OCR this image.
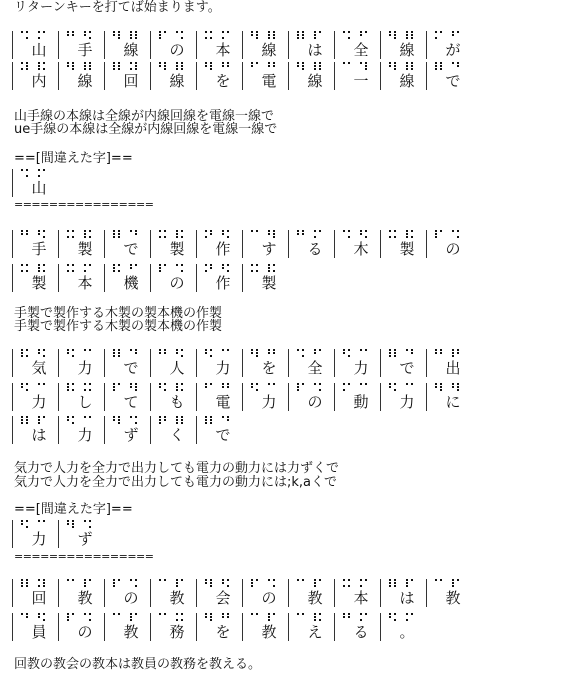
リターンキーを打てば始まります。
山	手	線	の	本	線	は	全	線	が
内	線	回	線	を	電	線	一	線	で
山手線の本線は全線が内線回線を電線一線で
ue手線の本線は全線が内線回線を電線一線で
==[間違えた字]==
山
================
手	製	で	製	作	す	る	木	製	の
製	本	機	の	作	製
手製で製作する木製の製本機の作製
手製で製作する木製の製本機の作製
気	力	で	人	力	を	全	力	で	出
力	し	て	も	電	力	の	動	力	に
は	力	ず	く	で
気力で人力を全力で出力しても電力の動力には力ずくで
気力で人力を全力で出力しても電力の動力には;k,aくで
==[間違えた字]==
力	ず
================
回	教	の	教	会	の	教	本	は	教
員	の	教	務	を	教	え	る	。
回教の教会の教本は教員の教務を教える。
